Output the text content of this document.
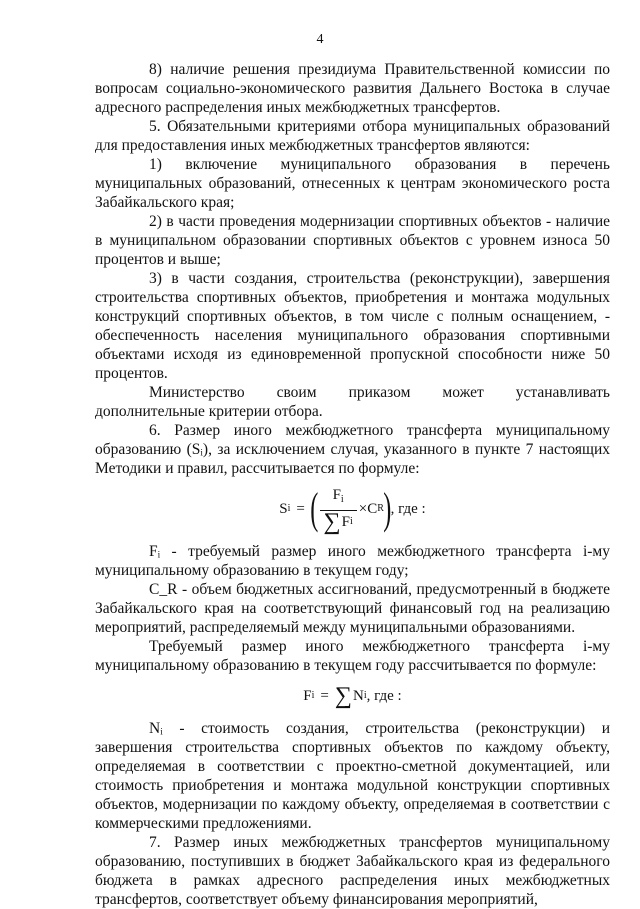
4

8) наличие решения президиума Правительственной комиссии по вопросам социально-экономического развития Дальнего Востока в случае адресного распределения иных межбюджетных трансфертов.

5. Обязательными критериями отбора муниципальных образований для предоставления иных межбюджетных трансфертов являются:

1) включение муниципального образования в перечень муниципальных образований, отнесенных к центрам экономического роста Забайкальского края;

2) в части проведения модернизации спортивных объектов - наличие в муниципальном образовании спортивных объектов с уровнем износа 50 процентов и выше;

3) в части создания, строительства (реконструкции), завершения строительства спортивных объектов, приобретения и монтажа модульных конструкций спортивных объектов, в том числе с полным оснащением, - обеспеченность населения муниципального образования спортивными объектами исходя из единовременной пропускной способности ниже 50 процентов.

Министерство своим приказом может устанавливать дополнительные критерии отбора.

6. Размер иного межбюджетного трансферта муниципальному образованию (Sᵢ), за исключением случая, указанного в пункте 7 настоящих Методики и правил, рассчитывается по формуле:

S i = ( $\frac{F_i}{\text{∑ F i}} \times C$ R ) , где :

Fᵢ - требуемый размер иного межбюджетного трансферта i-му муниципальному образованию в текущем году;

C_R - объем бюджетных ассигнований, предусмотренный в бюджете Забайкальского края на соответствующий финансовый год на реализацию мероприятий, распределяемый между муниципальными образованиями.

Требуемый размер иного межбюджетного трансферта i-му муниципальному образованию в текущем году рассчитывается по формуле:

F i = ∑ N i , где :

Nᵢ - стоимость создания, строительства (реконструкции) и завершения строительства спортивных объектов по каждому объекту, определяемая в соответствии с проектно-сметной документацией, или стоимость приобретения и монтажа модульной конструкции спортивных объектов, модернизации по каждому объекту, определяемая в соответствии с коммерческими предложениями.

7. Размер иных межбюджетных трансфертов муниципальному образованию, поступивших в бюджет Забайкальского края из федерального бюджета в рамках адресного распределения иных межбюджетных трансфертов, соответствует объему финансирования мероприятий,
